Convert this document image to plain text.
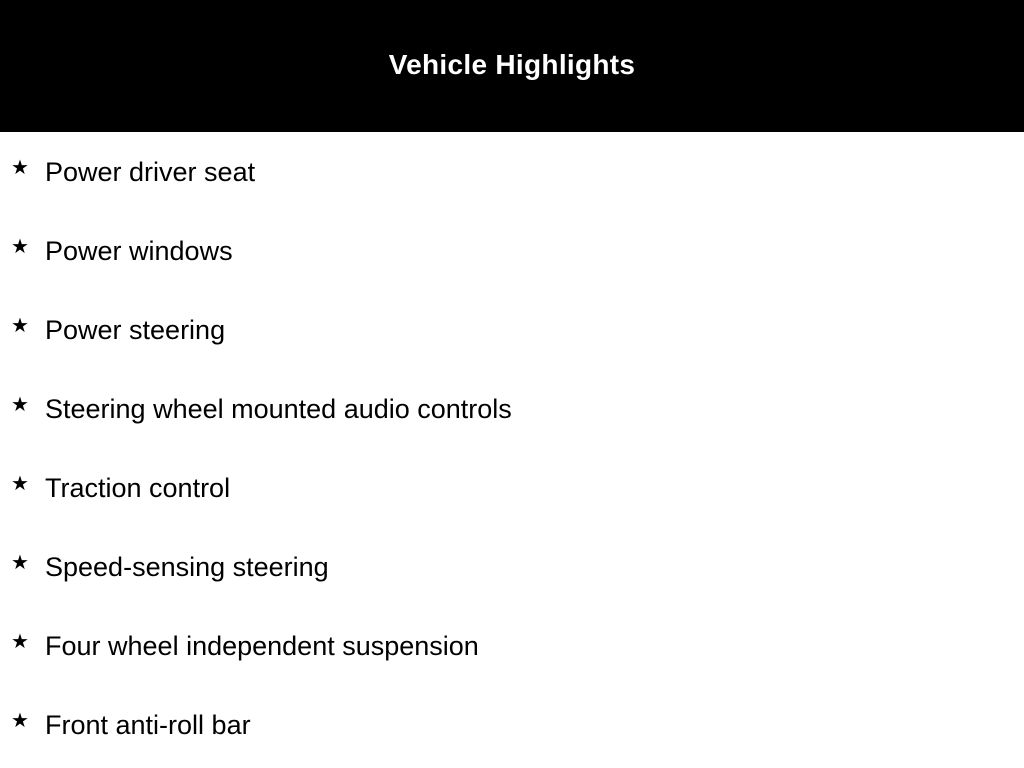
Vehicle Highlights
★ Power driver seat
★ Power windows
★ Power steering
★ Steering wheel mounted audio controls
★ Traction control
★ Speed-sensing steering
★ Four wheel independent suspension
★ Front anti-roll bar
